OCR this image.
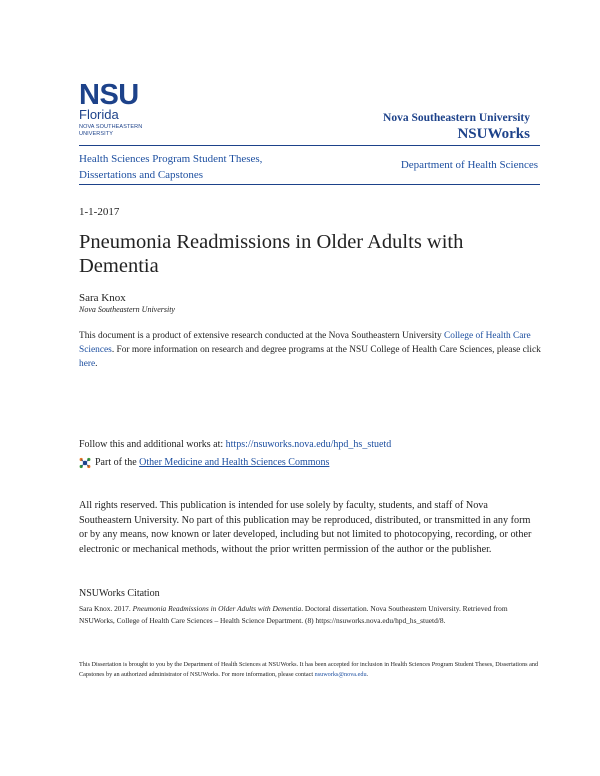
NSU
Florida
NOVA SOUTHEASTERN
UNIVERSITY
Nova Southeastern University
NSUWorks
Health Sciences Program Student Theses,
Dissertations and Capstones
Department of Health Sciences
1-1-2017
Pneumonia Readmissions in Older Adults with Dementia
Sara Knox
Nova Southeastern University
This document is a product of extensive research conducted at the Nova Southeastern University College of Health Care Sciences. For more information on research and degree programs at the NSU College of Health Care Sciences, please click here.
Follow this and additional works at: https://nsuworks.nova.edu/hpd_hs_stuetd
Part of the
Other Medicine and Health Sciences Commons
All rights reserved. This publication is intended for use solely by faculty, students, and staff of Nova Southeastern University. No part of this publication may be reproduced, distributed, or transmitted in any form or by any means, now known or later developed, including but not limited to photocopying, recording, or other electronic or mechanical methods, without the prior written permission of the author or the publisher.
NSUWorks Citation
Sara Knox. 2017. Pneumonia Readmissions in Older Adults with Dementia. Doctoral dissertation. Nova Southeastern University. Retrieved from NSUWorks, College of Health Care Sciences – Health Science Department. (8) https://nsuworks.nova.edu/hpd_hs_stuetd/8.
This Dissertation is brought to you by the Department of Health Sciences at NSUWorks. It has been accepted for inclusion in Health Sciences Program Student Theses, Dissertations and Capstones by an authorized administrator of NSUWorks. For more information, please contact nsuworks@nova.edu.
